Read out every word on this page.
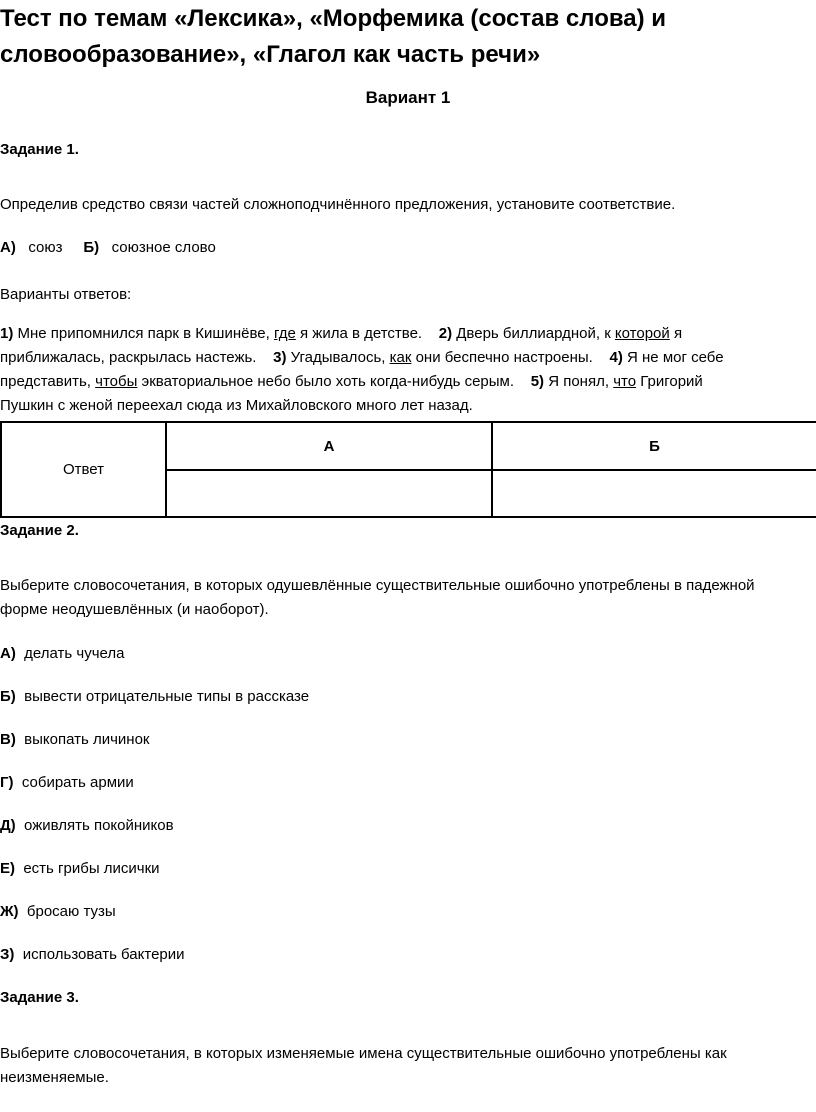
Тест по темам «Лексика», «Морфемика (состав слова) и
словообразование», «Глагол как часть речи»
Вариант 1
Задание 1.
Определив средство связи частей сложноподчинённого предложения, установите соответствие.
А) союз Б) союзное слово
Варианты ответов:
1) Мне припомнился парк в Кишинёве, где я жила в детстве. 2) Дверь биллиардной, к которой я
приближалась, раскрылась настежь. 3) Угадывалось, как они беспечно настроены. 4) Я не мог себе
представить, чтобы экваториальное небо было хоть когда-нибудь серым. 5) Я понял, что Григорий
Пушкин с женой переехал сюда из Михайловского много лет назад.
Ответ	А	Б

Задание 2.
Выберите словосочетания, в которых одушевлённые существительные ошибочно употреблены в падежной
форме неодушевлённых (и наоборот).
А) делать чучела
Б) вывести отрицательные типы в рассказе
В) выкопать личинок
Г) собирать армии
Д) оживлять покойников
Е) есть грибы лисички
Ж) бросаю тузы
З) использовать бактерии
Задание 3.
Выберите словосочетания, в которых изменяемые имена существительные ошибочно употреблены как
неизменяемые.
